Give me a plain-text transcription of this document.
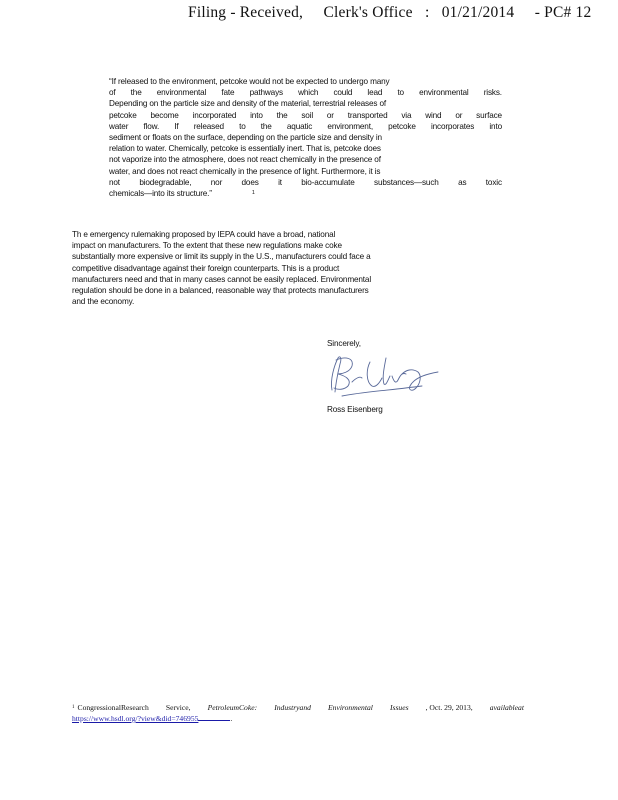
Filing - Received, Clerk's Office : 01/21/2014 - PC# 12
“If released to the environment, petcoke would not be expected to undergo many
of the environmental fate pathways which could lead to environmental risks.
Depending on the particle size and density of the material, terrestrial releases of
petcoke become incorporated into the soil or transported via wind or surface
water flow. If released to the aquatic environment, petcoke incorporates into
sediment or floats on the surface, depending on the particle size and density in
relation to water. Chemically, petcoke is essentially inert. That is, petcoke does
not vaporize into the atmosphere, does not react chemically in the presence of
water, and does not react chemically in the presence of light. Furthermore, it is
not biodegradable, nor does it bio-accumulate substances—such as toxic
chemicals—into its structure.”	$^1$
Th e emergency rulemaking proposed by IEPA could have a broad, national
impact on manufacturers. To the extent that these new regulations make coke
substantially more expensive or limit its supply in the U.S., manufacturers could face a
competitive disadvantage against their foreign counterparts. This is a product
manufacturers need and that in many cases cannot be easily replaced. Environmental
regulation should be done in a balanced, reasonable way that protects manufacturers
and the economy.
Sincerely,
Ross Eisenberg
$^1$ CongressionalResearch Service, PetroleumCoke: Industryand Environmental Issues , Oct. 29, 2013, availableat
https://www.hsdl.org/?view&did=746955	.
